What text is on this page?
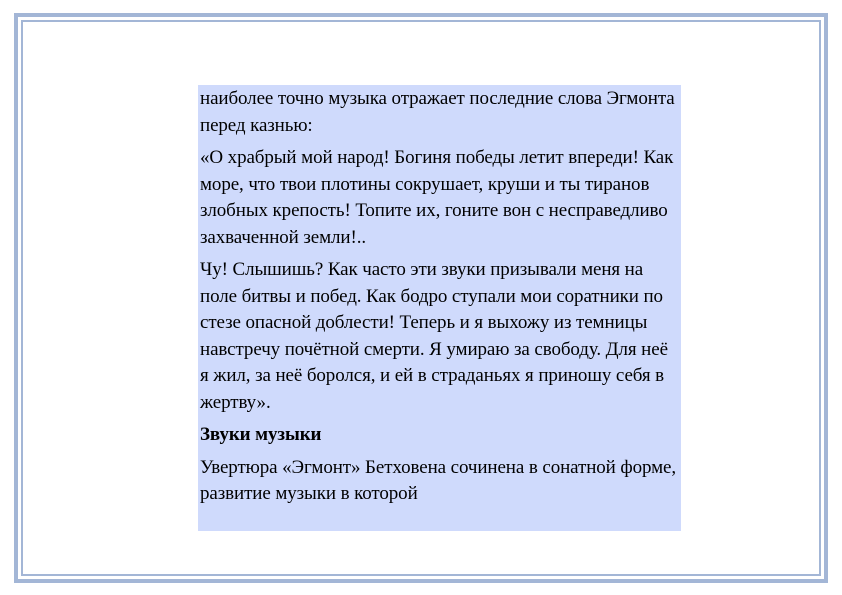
наиболее точно музыка отражает последние слова Эгмонта перед казнью:

«О храбрый мой народ! Богиня победы летит впереди! Как море, что твои плотины сокрушает, круши и ты тиранов злобных крепость! Топите их, гоните вон с несправедливо захваченной земли!..

Чу! Слышишь? Как часто эти звуки призывали меня на поле битвы и побед. Как бодро ступали мои соратники по стезе опасной доблести! Теперь и я выхожу из темницы навстречу почётной смерти. Я умираю за свободу. Для неё я жил, за неё боролся, и ей в страданьях я приношу себя в жертву».

Звуки музыки

Увертюра «Эгмонт» Бетховена сочинена в сонатной форме, развитие музыки в которой
